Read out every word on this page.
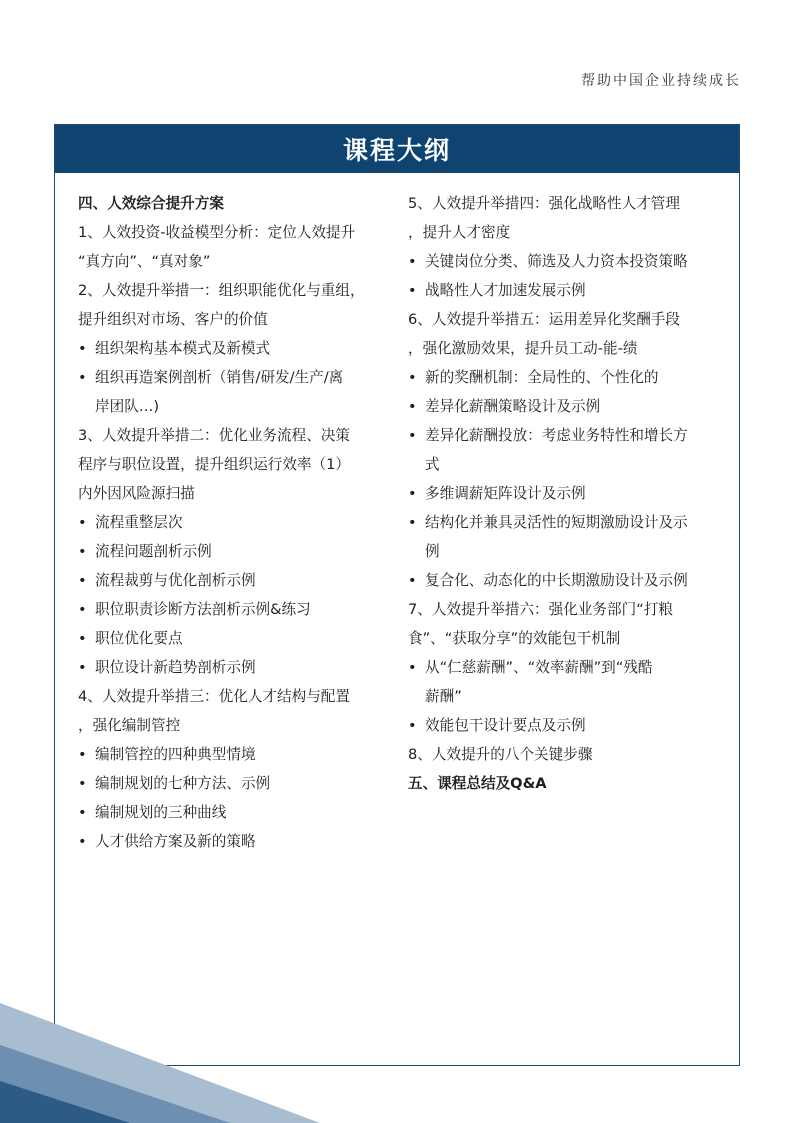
帮助中国企业持续成长
课程大纲
四、人效综合提升方案
1、人效投资-收益模型分析：定位人效提升
“真方向”、“真对象”
2、人效提升举措一：组织职能优化与重组，
提升组织对市场、客户的价值
• 组织架构基本模式及新模式
• 组织再造案例剖析（销售/研发/生产/离
岸团队…)
3、人效提升举措二：优化业务流程、决策
程序与职位设置，提升组织运行效率（1）
内外因风险源扫描
• 流程重整层次
• 流程问题剖析示例
• 流程裁剪与优化剖析示例
• 职位职责诊断方法剖析示例&练习
• 职位优化要点
• 职位设计新趋势剖析示例
4、人效提升举措三：优化人才结构与配置
，强化编制管控
• 编制管控的四种典型情境
• 编制规划的七种方法、示例
• 编制规划的三种曲线
• 人才供给方案及新的策略
5、人效提升举措四：强化战略性人才管理
，提升人才密度
• 关键岗位分类、筛选及人力资本投资策略
• 战略性人才加速发展示例
6、人效提升举措五：运用差异化奖酬手段
，强化激励效果，提升员工动-能-绩
• 新的奖酬机制：全局性的、个性化的
• 差异化薪酬策略设计及示例
• 差异化薪酬投放：考虑业务特性和增长方
式
• 多维调薪矩阵设计及示例
• 结构化并兼具灵活性的短期激励设计及示
例
• 复合化、动态化的中长期激励设计及示例
7、人效提升举措六：强化业务部门“打粮
食”、“获取分享”的效能包干机制
• 从“仁慈薪酬”、“效率薪酬”到“残酷
薪酬”
• 效能包干设计要点及示例
8、人效提升的八个关键步骤
五、课程总结及Q&A
